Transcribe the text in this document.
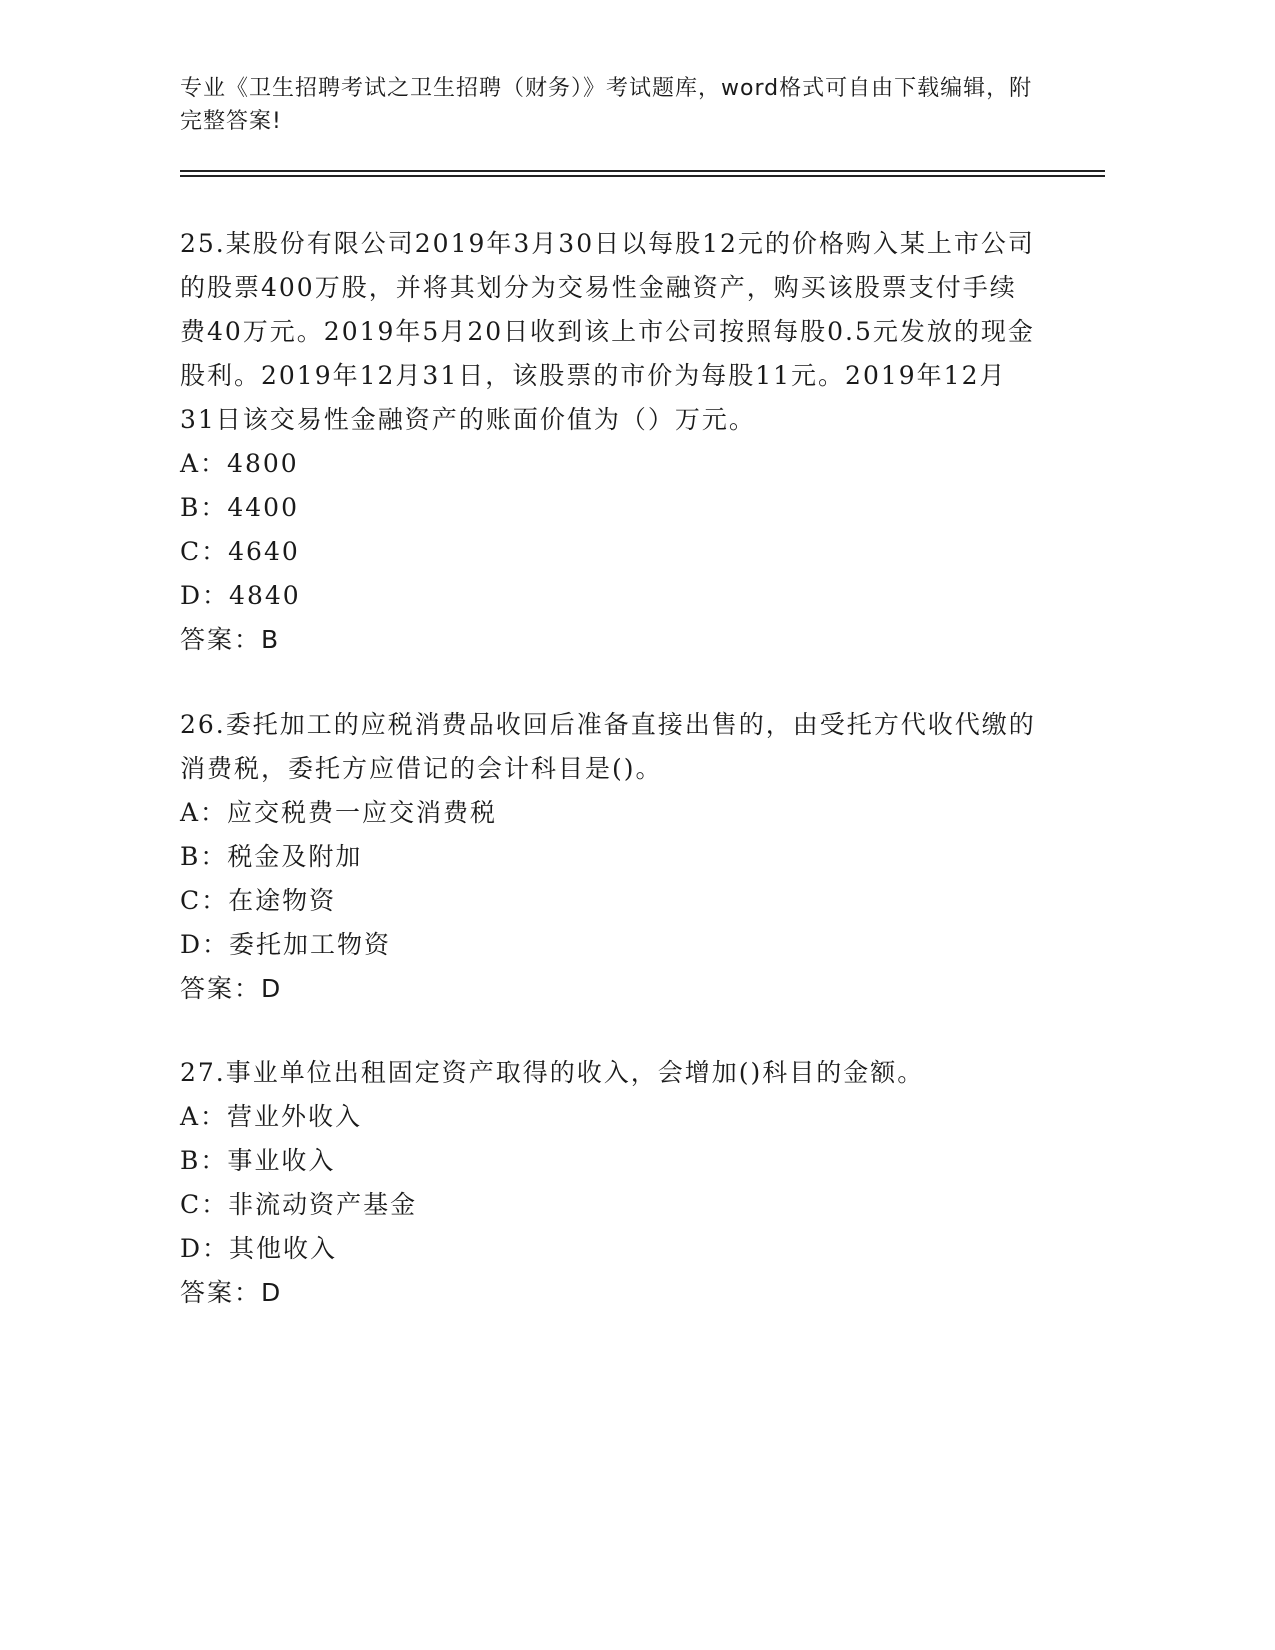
专业《卫生招聘考试之卫生招聘（财务）》考试题库，word格式可自由下载编辑，附完整答案!

25.某股份有限公司2019年3月30日以每股12元的价格购入某上市公司的股票400万股，并将其划分为交易性金融资产，购买该股票支付手续费40万元。2019年5月20日收到该上市公司按照每股0.5元发放的现金股利。2019年12月31日，该股票的市价为每股11元。2019年12月31日该交易性金融资产的账面价值为（）万元。

A：4800

B：4400

C：4640

D：4840

答案：B

26.委托加工的应税消费品收回后准备直接出售的，由受托方代收代缴的消费税，委托方应借记的会计科目是()。

A：应交税费一应交消费税

B：税金及附加

C：在途物资

D：委托加工物资

答案：D

27.事业单位出租固定资产取得的收入，会增加()科目的金额。

A：营业外收入

B：事业收入

C：非流动资产基金

D：其他收入

答案：D
